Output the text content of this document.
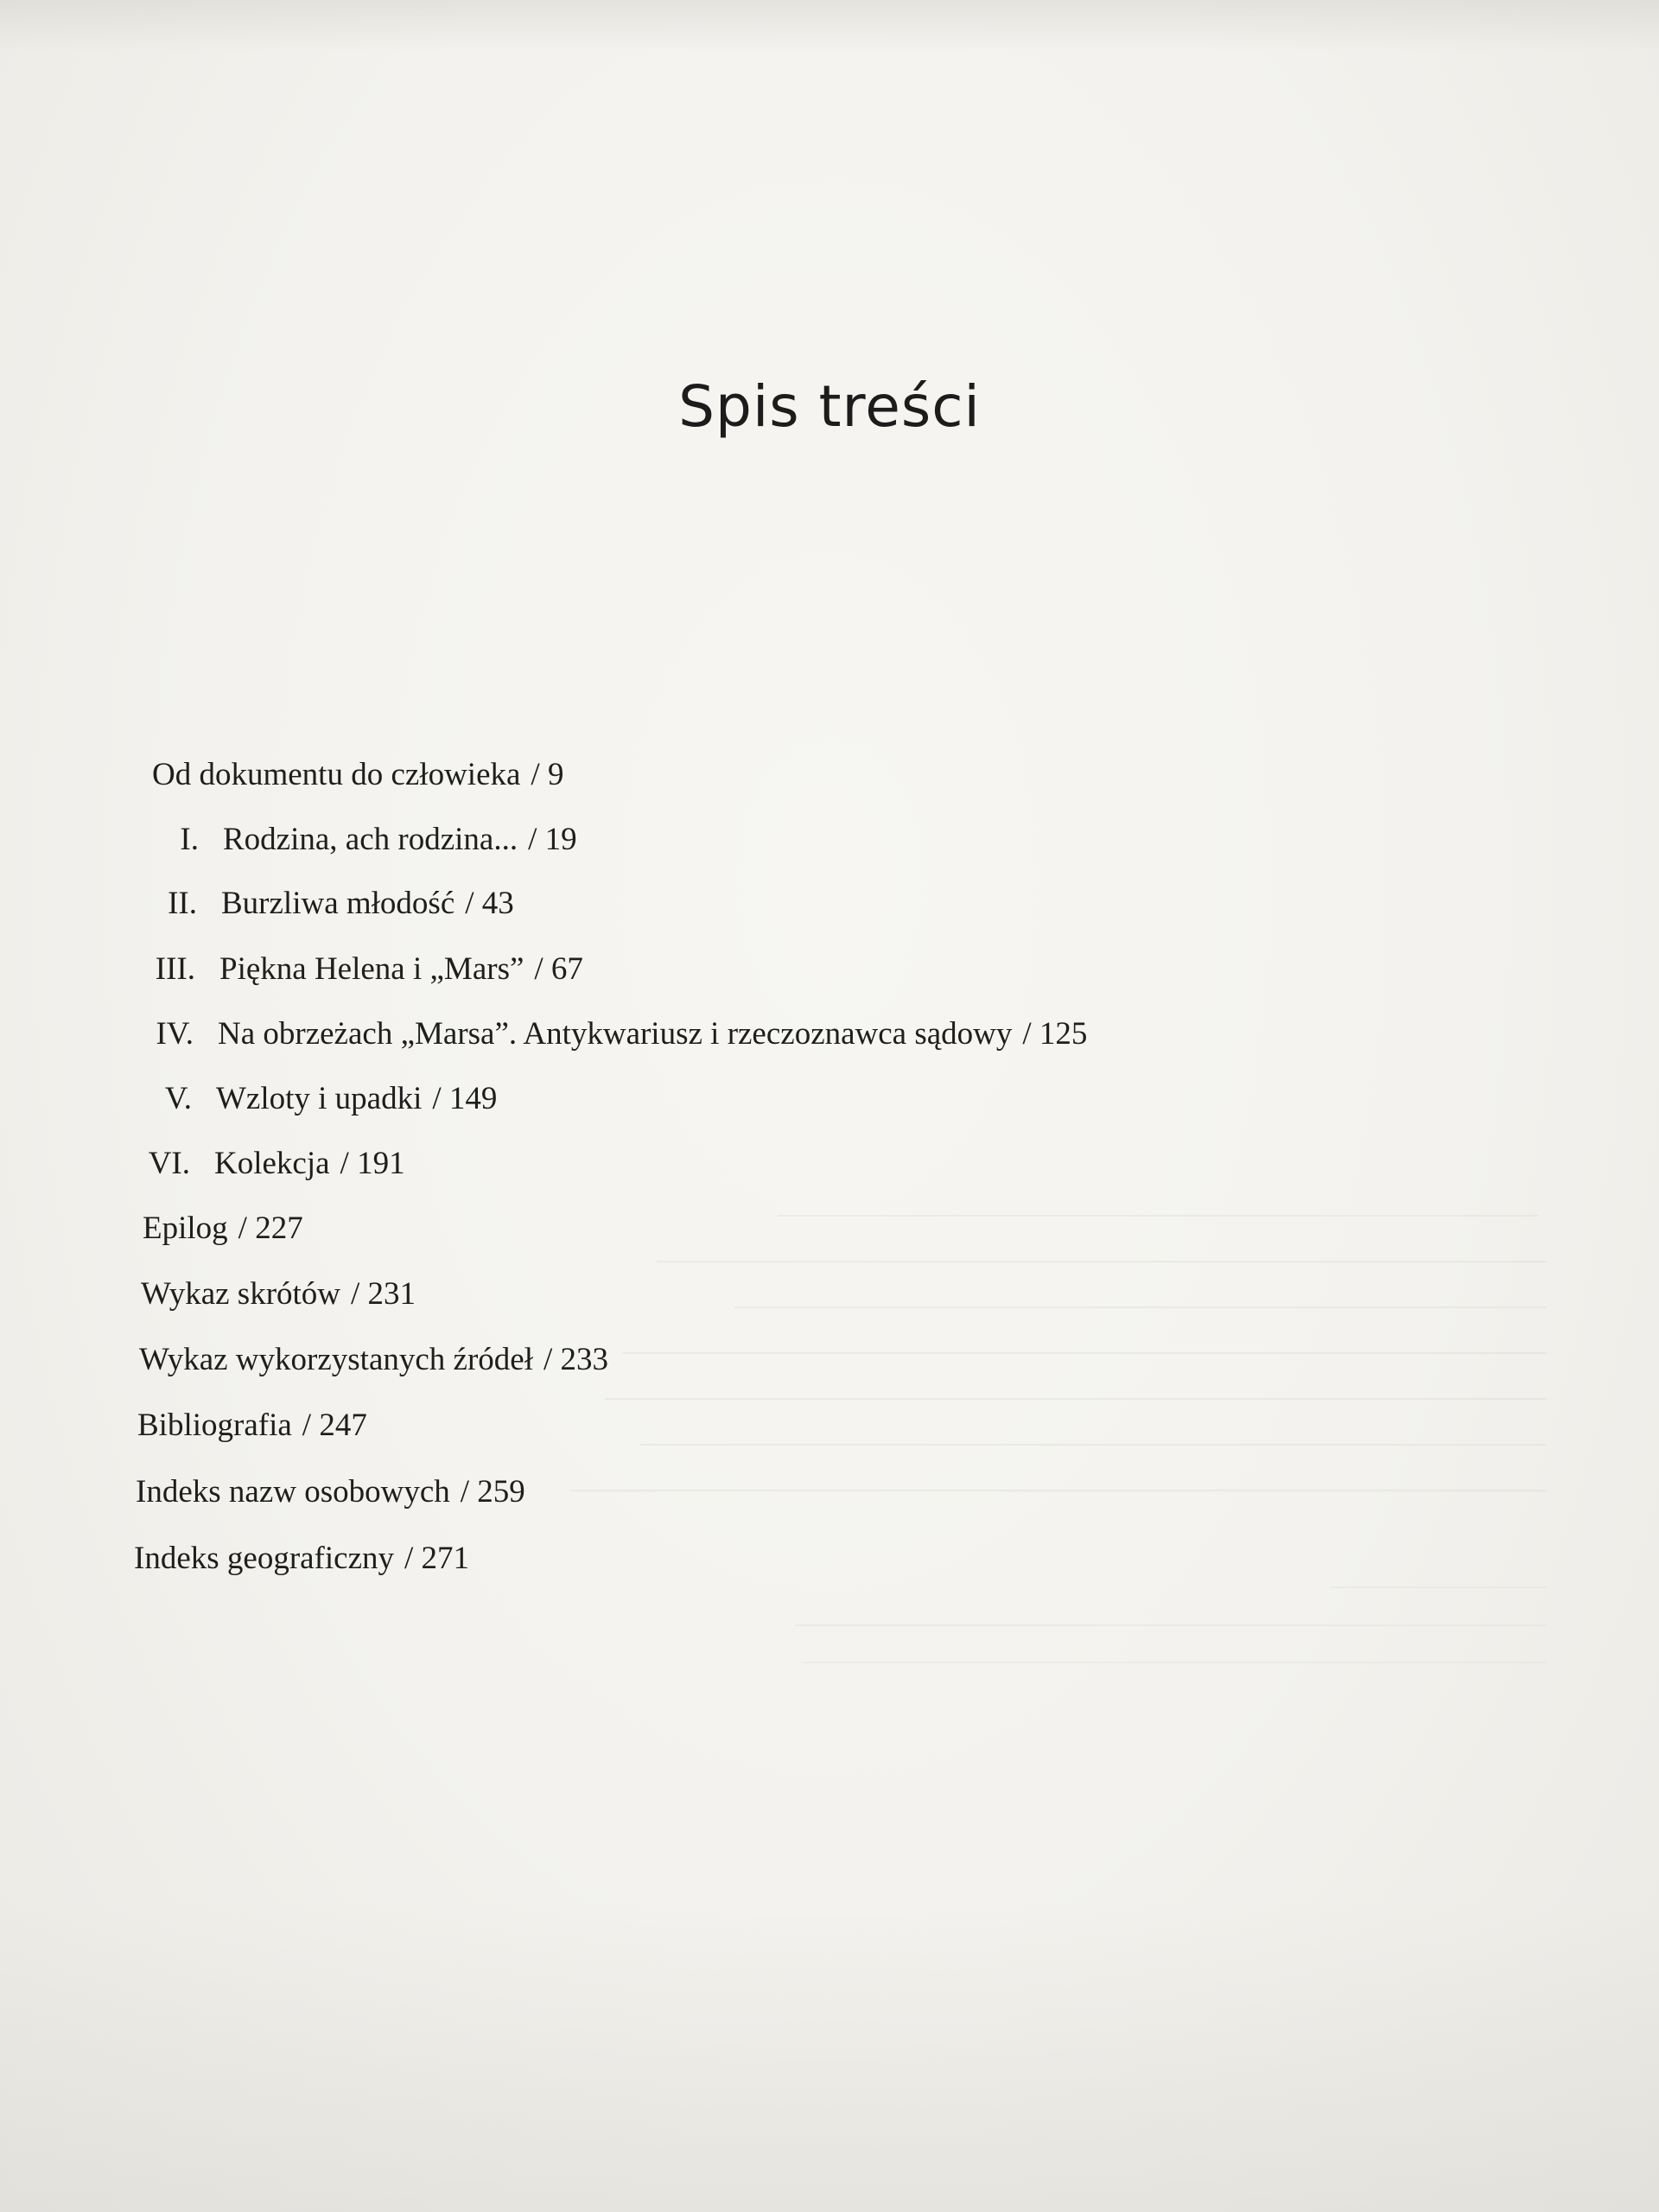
Spis treści
Od dokumentu do człowieka / 9
I. Rodzina, ach rodzina... / 19
II. Burzliwa młodość / 43
III. Piękna Helena i „Mars” / 67
IV. Na obrzeżach „Marsa”. Antykwariusz i rzeczoznawca sądowy / 125
V. Wzloty i upadki / 149
VI. Kolekcja / 191
Epilog / 227
Wykaz skrótów / 231
Wykaz wykorzystanych źródeł / 233
Bibliografia / 247
Indeks nazw osobowych / 259
Indeks geograficzny / 271
